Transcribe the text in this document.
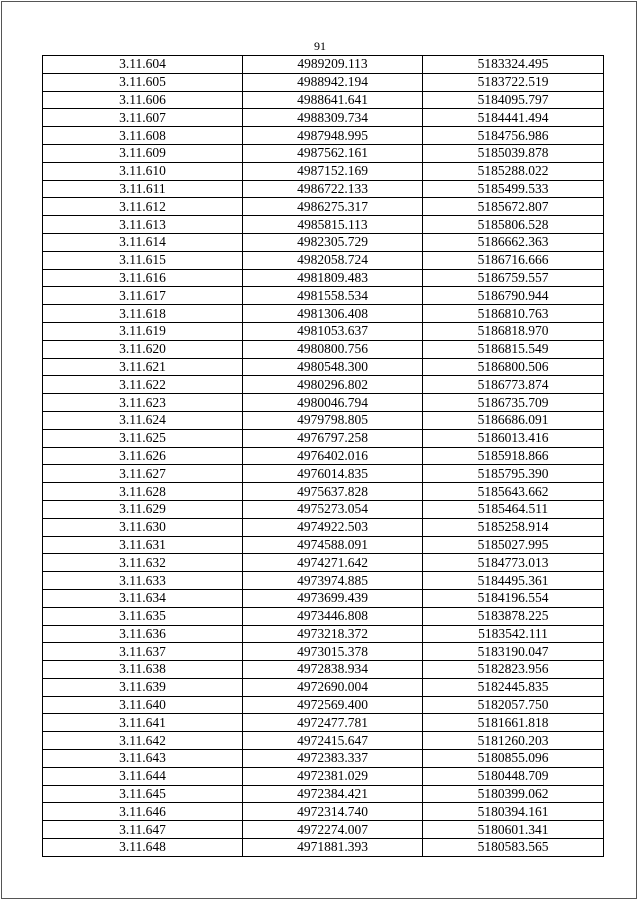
91
3.11.604	4989209.113	5183324.495
3.11.605	4988942.194	5183722.519
3.11.606	4988641.641	5184095.797
3.11.607	4988309.734	5184441.494
3.11.608	4987948.995	5184756.986
3.11.609	4987562.161	5185039.878
3.11.610	4987152.169	5185288.022
3.11.611	4986722.133	5185499.533
3.11.612	4986275.317	5185672.807
3.11.613	4985815.113	5185806.528
3.11.614	4982305.729	5186662.363
3.11.615	4982058.724	5186716.666
3.11.616	4981809.483	5186759.557
3.11.617	4981558.534	5186790.944
3.11.618	4981306.408	5186810.763
3.11.619	4981053.637	5186818.970
3.11.620	4980800.756	5186815.549
3.11.621	4980548.300	5186800.506
3.11.622	4980296.802	5186773.874
3.11.623	4980046.794	5186735.709
3.11.624	4979798.805	5186686.091
3.11.625	4976797.258	5186013.416
3.11.626	4976402.016	5185918.866
3.11.627	4976014.835	5185795.390
3.11.628	4975637.828	5185643.662
3.11.629	4975273.054	5185464.511
3.11.630	4974922.503	5185258.914
3.11.631	4974588.091	5185027.995
3.11.632	4974271.642	5184773.013
3.11.633	4973974.885	5184495.361
3.11.634	4973699.439	5184196.554
3.11.635	4973446.808	5183878.225
3.11.636	4973218.372	5183542.111
3.11.637	4973015.378	5183190.047
3.11.638	4972838.934	5182823.956
3.11.639	4972690.004	5182445.835
3.11.640	4972569.400	5182057.750
3.11.641	4972477.781	5181661.818
3.11.642	4972415.647	5181260.203
3.11.643	4972383.337	5180855.096
3.11.644	4972381.029	5180448.709
3.11.645	4972384.421	5180399.062
3.11.646	4972314.740	5180394.161
3.11.647	4972274.007	5180601.341
3.11.648	4971881.393	5180583.565
